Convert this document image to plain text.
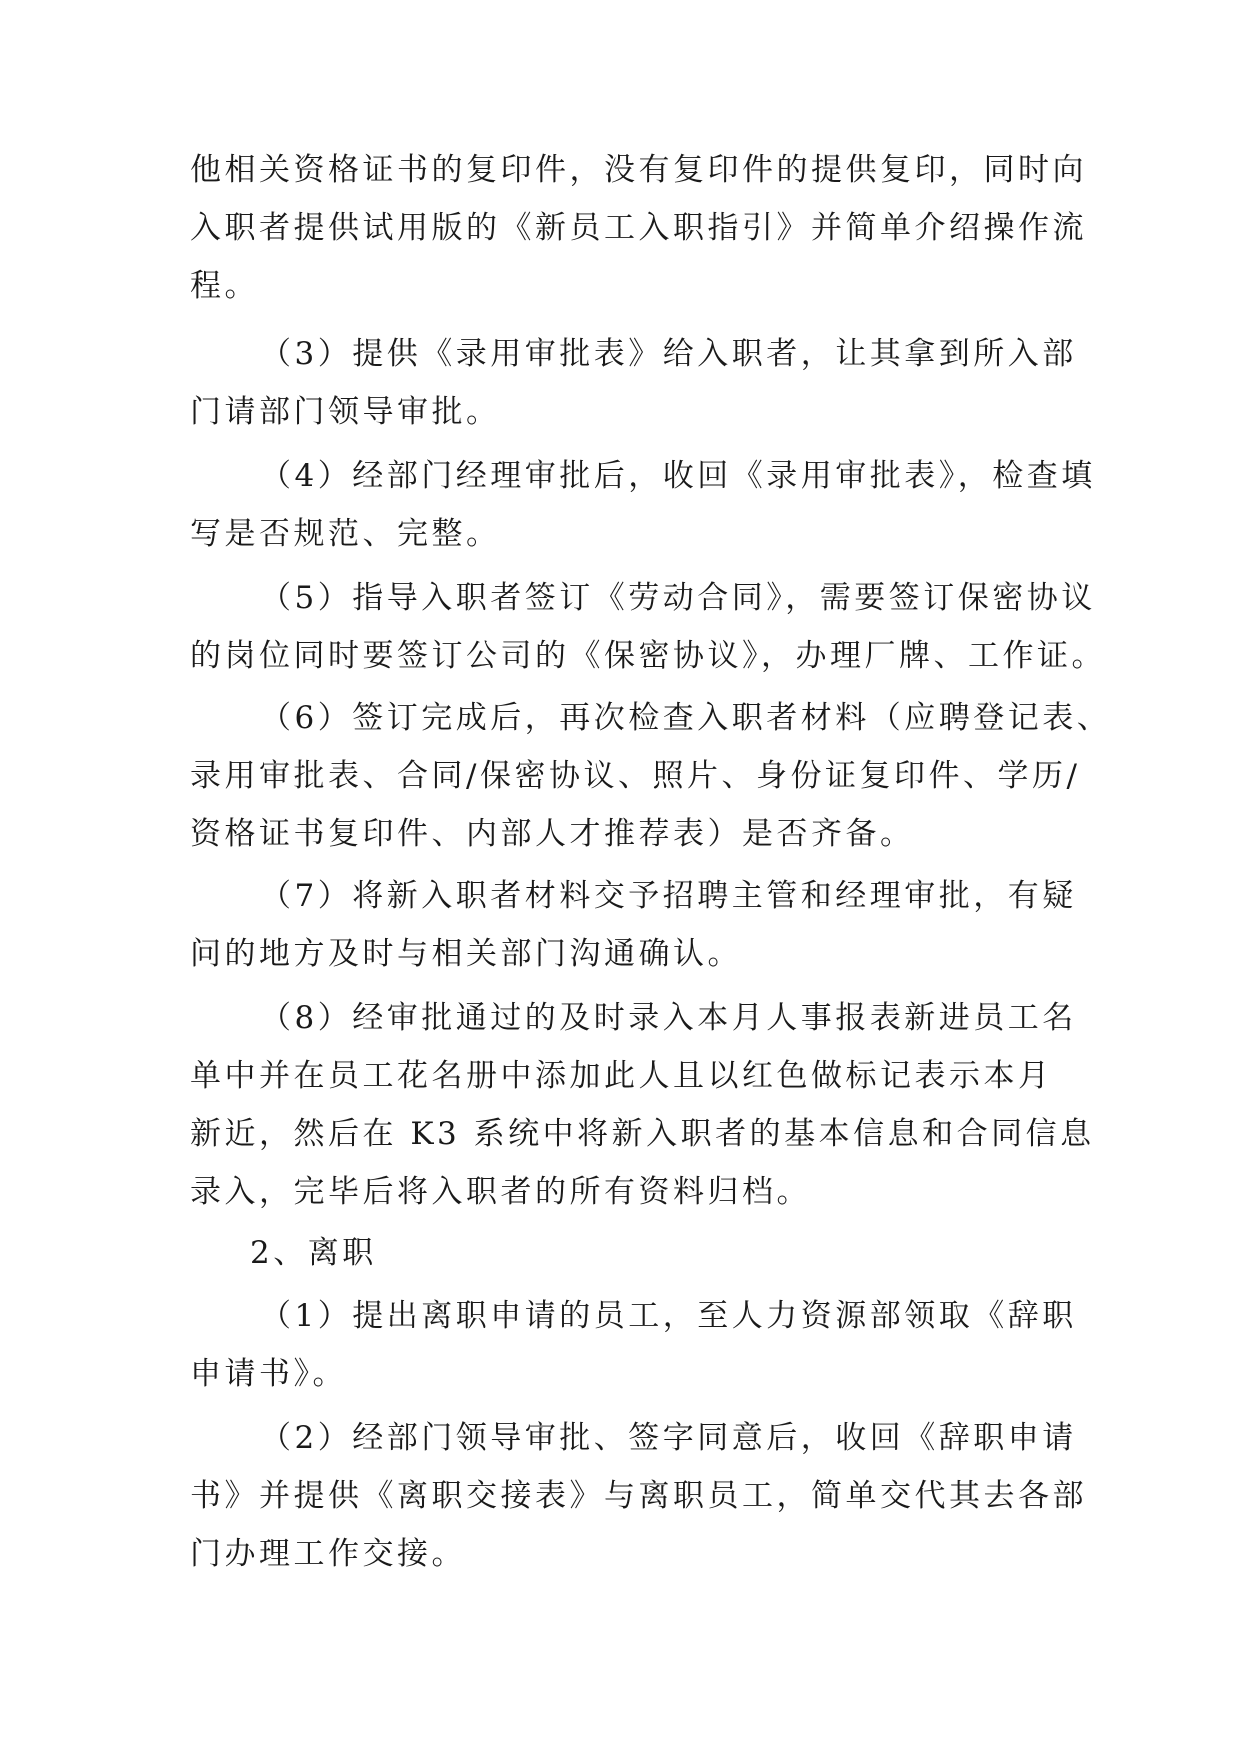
他相关资格证书的复印件，没有复印件的提供复印，同时向
入职者提供试用版的《新员工入职指引》并简单介绍操作流
程。
（3）提供《录用审批表》给入职者，让其拿到所入部
门请部门领导审批。
（4）经部门经理审批后，收回《录用审批表》，检查填
写是否规范、完整。
（5）指导入职者签订《劳动合同》，需要签订保密协议
的岗位同时要签订公司的《保密协议》，办理厂牌、工作证。
（6）签订完成后，再次检查入职者材料（应聘登记表、
录用审批表、合同/保密协议、照片、身份证复印件、学历/
资格证书复印件、内部人才推荐表）是否齐备。
（7）将新入职者材料交予招聘主管和经理审批，有疑
问的地方及时与相关部门沟通确认。
（8）经审批通过的及时录入本月人事报表新进员工名
单中并在员工花名册中添加此人且以红色做标记表示本月
新近，然后在 K3 系统中将新入职者的基本信息和合同信息
录入，完毕后将入职者的所有资料归档。
2、离职
（1）提出离职申请的员工，至人力资源部领取《辞职
申请书》。
（2）经部门领导审批、签字同意后，收回《辞职申请
书》并提供《离职交接表》与离职员工，简单交代其去各部
门办理工作交接。
